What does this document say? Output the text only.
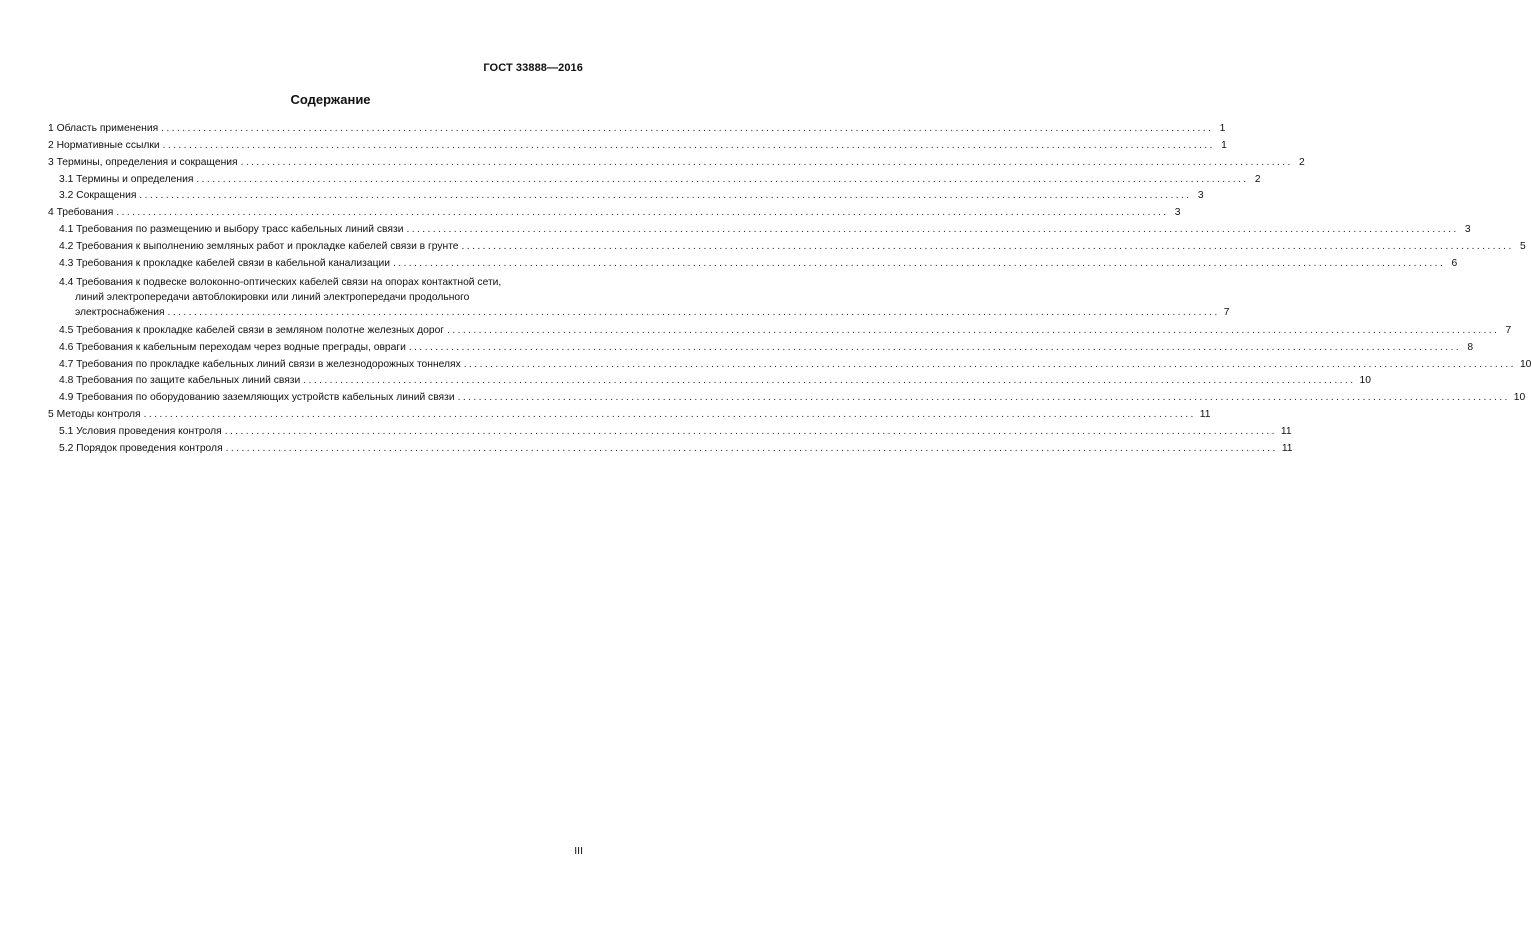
ГОСТ 33888—2016
Содержание
1 Область применения ........................................................................................................................................................................................................ 1
2 Нормативные ссылки ........................................................................................................................................................................................................ 1
3 Термины, определения и сокращения ........................................................................................................................................................................................................ 2
3.1 Термины и определения ........................................................................................................................................................................................................ 2
3.2 Сокращения ........................................................................................................................................................................................................ 3
4 Требования ........................................................................................................................................................................................................ 3
4.1 Требования по размещению и выбору трасс кабельных линий связи ........................................................................................................................................................................................................ 3
4.2 Требования к выполнению земляных работ и прокладке кабелей связи в грунте ........................................................................................................................................................................................................ 5
4.3 Требования к прокладке кабелей связи в кабельной канализации ........................................................................................................................................................................................................ 6
4.4 Требования к подвеске волоконно-оптических кабелей связи на опорах контактной сети,
линий электропередачи автоблокировки или линий электропередачи продольного
электроснабжения ........................................................................................................................................................................................................ 7
4.5 Требования к прокладке кабелей связи в земляном полотне железных дорог ........................................................................................................................................................................................................ 7
4.6 Требования к кабельным переходам через водные преграды, овраги ........................................................................................................................................................................................................ 8
4.7 Требования по прокладке кабельных линий связи в железнодорожных тоннелях ........................................................................................................................................................................................................ 10
4.8 Требования по защите кабельных линий связи ........................................................................................................................................................................................................ 10
4.9 Требования по оборудованию заземляющих устройств кабельных линий связи ........................................................................................................................................................................................................ 10
5 Методы контроля ........................................................................................................................................................................................................ 11
5.1 Условия проведения контроля ........................................................................................................................................................................................................ 11
5.2 Порядок проведения контроля ........................................................................................................................................................................................................ 11
III
